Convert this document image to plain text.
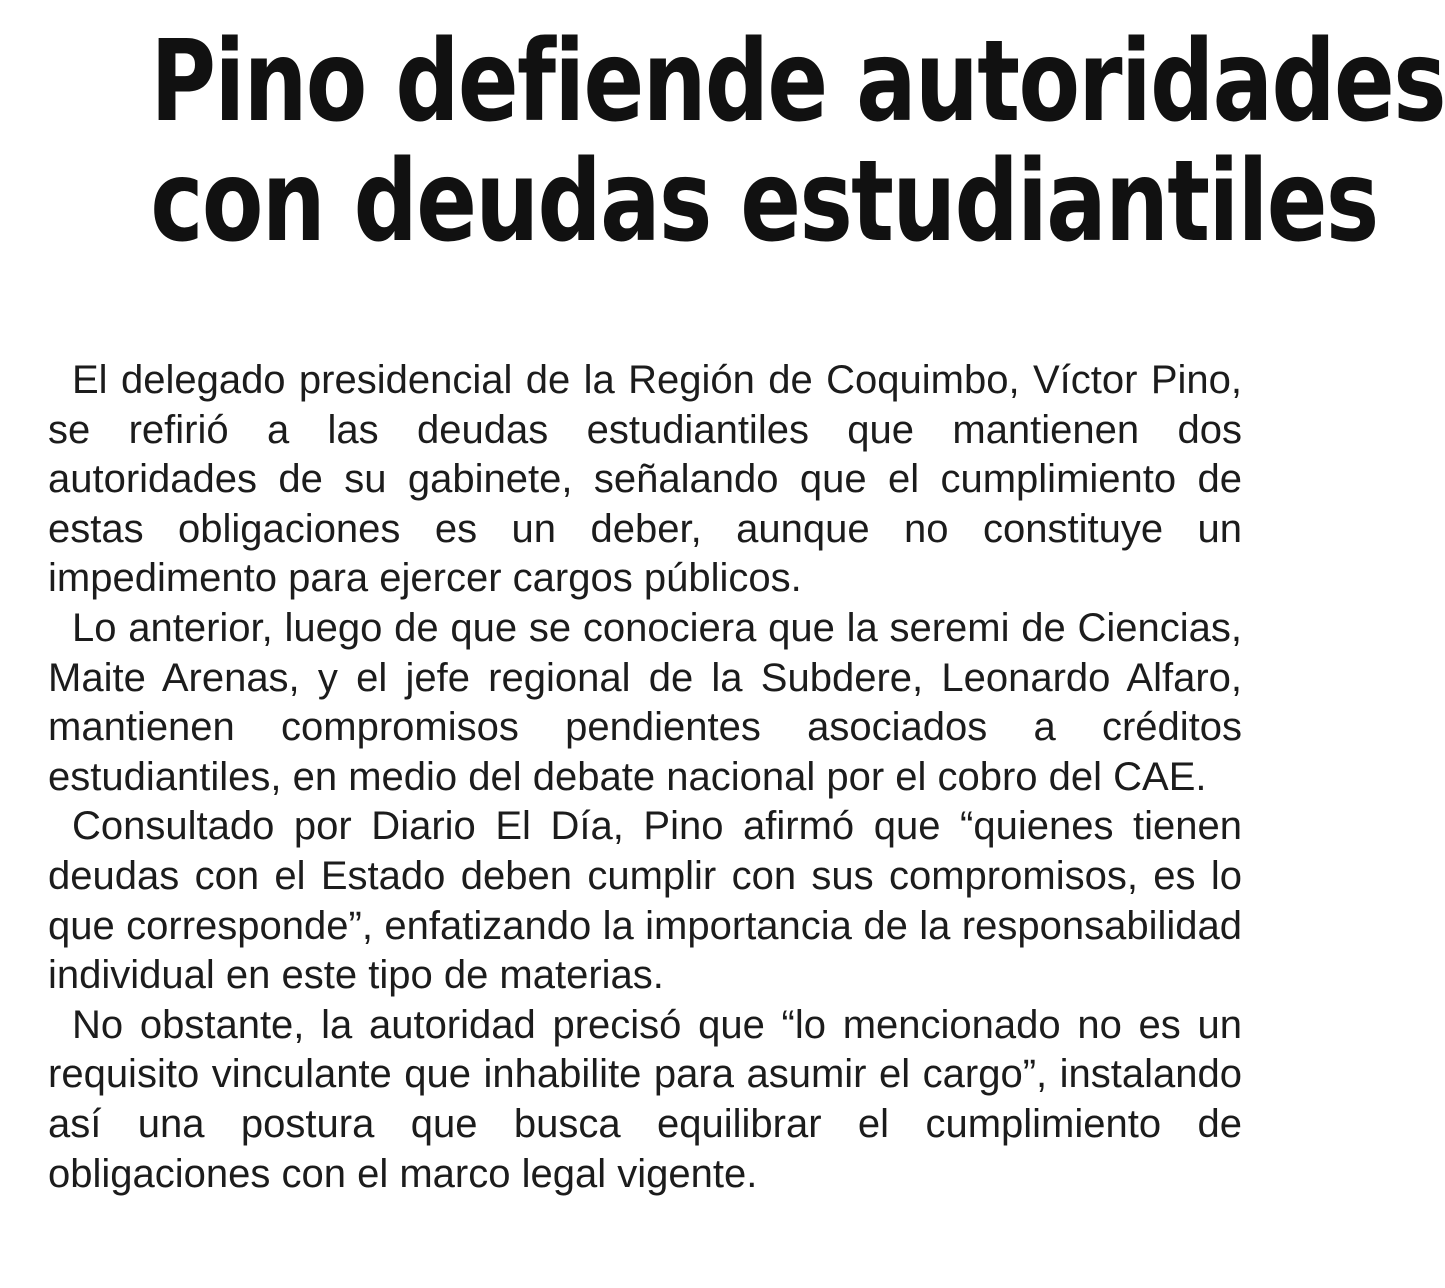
Pino defiende autoridades
con deudas estudiantiles

El delegado presidencial de la Región de Coquimbo, Víctor Pino, se refirió a las deudas estudiantiles que mantienen dos autoridades de su gabinete, señalando que el cumplimiento de estas obligaciones es un deber, aunque no constituye un impedimento para ejercer cargos públicos.

Lo anterior, luego de que se conociera que la seremi de Ciencias, Maite Arenas, y el jefe regional de la Subdere, Leonardo Alfaro, mantienen compromisos pendientes asociados a créditos estudiantiles, en medio del debate nacional por el cobro del CAE.

Consultado por Diario El Día, Pino afirmó que “quienes tienen deudas con el Estado deben cumplir con sus compromisos, es lo que corresponde”, enfatizando la importancia de la responsabilidad individual en este tipo de materias.

No obstante, la autoridad precisó que “lo mencionado no es un requisito vinculante que inhabilite para asumir el cargo”, instalando así una postura que busca equilibrar el cumplimiento de obligaciones con el marco legal vigente.
